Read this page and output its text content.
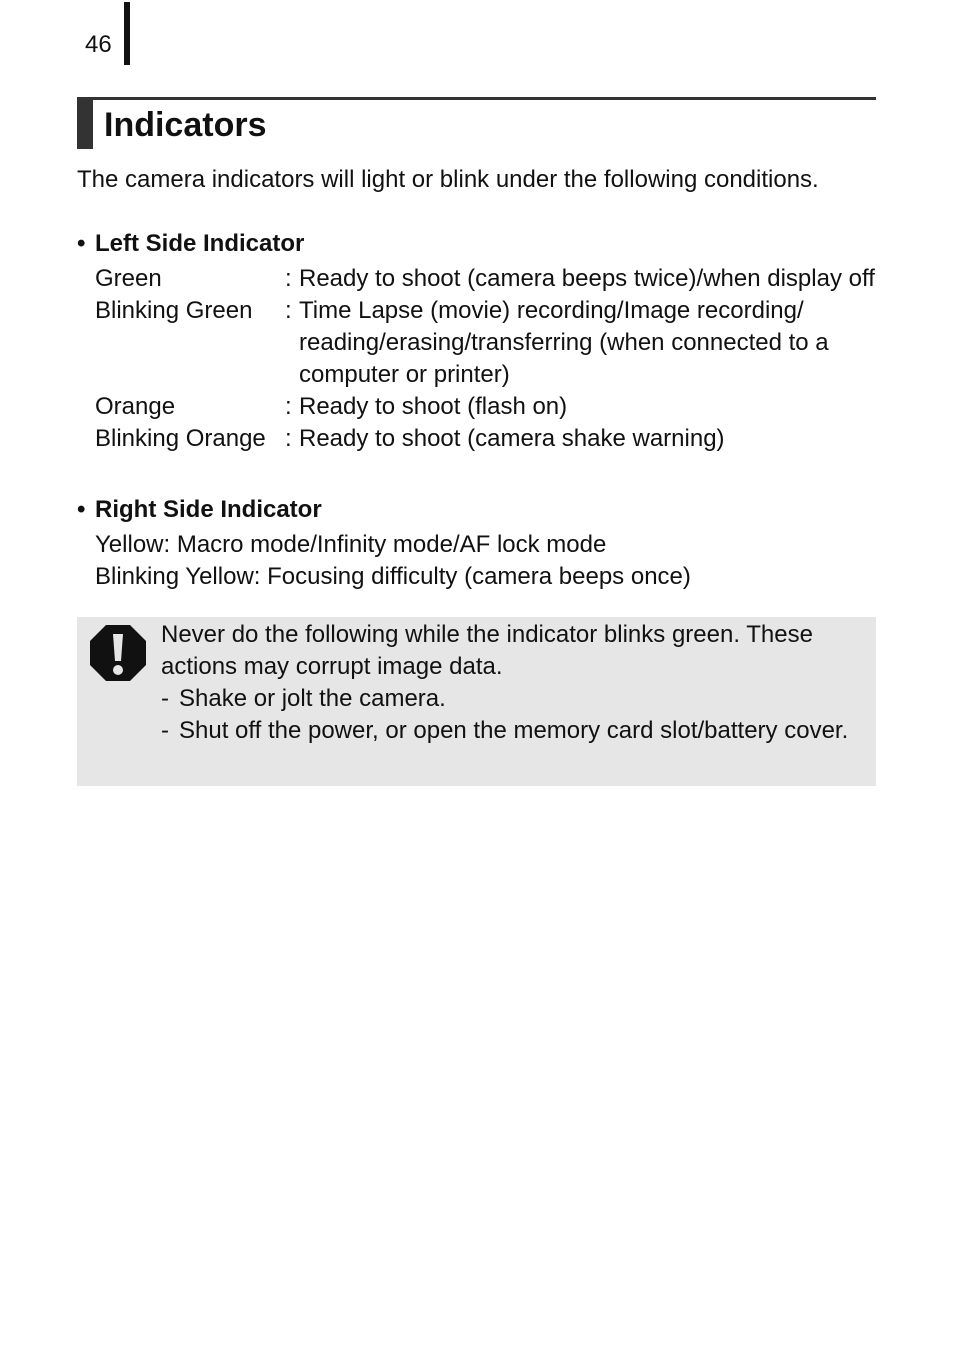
46
Indicators
The camera indicators will light or blink under the following conditions.
• Left Side Indicator
Green	: Ready to shoot (camera beeps twice)/when display off
Blinking Green	: Time Lapse (movie) recording/Image recording/ reading/erasing/transferring (when connected to a computer or printer)
Orange	: Ready to shoot (flash on)
Blinking Orange : Ready to shoot (camera shake warning)
• Right Side Indicator
Yellow: Macro mode/Infinity mode/AF lock mode
Blinking Yellow: Focusing difficulty (camera beeps once)
Never do the following while the indicator blinks green. These actions may corrupt image data.
- Shake or jolt the camera.
- Shut off the power, or open the memory card slot/battery cover.
